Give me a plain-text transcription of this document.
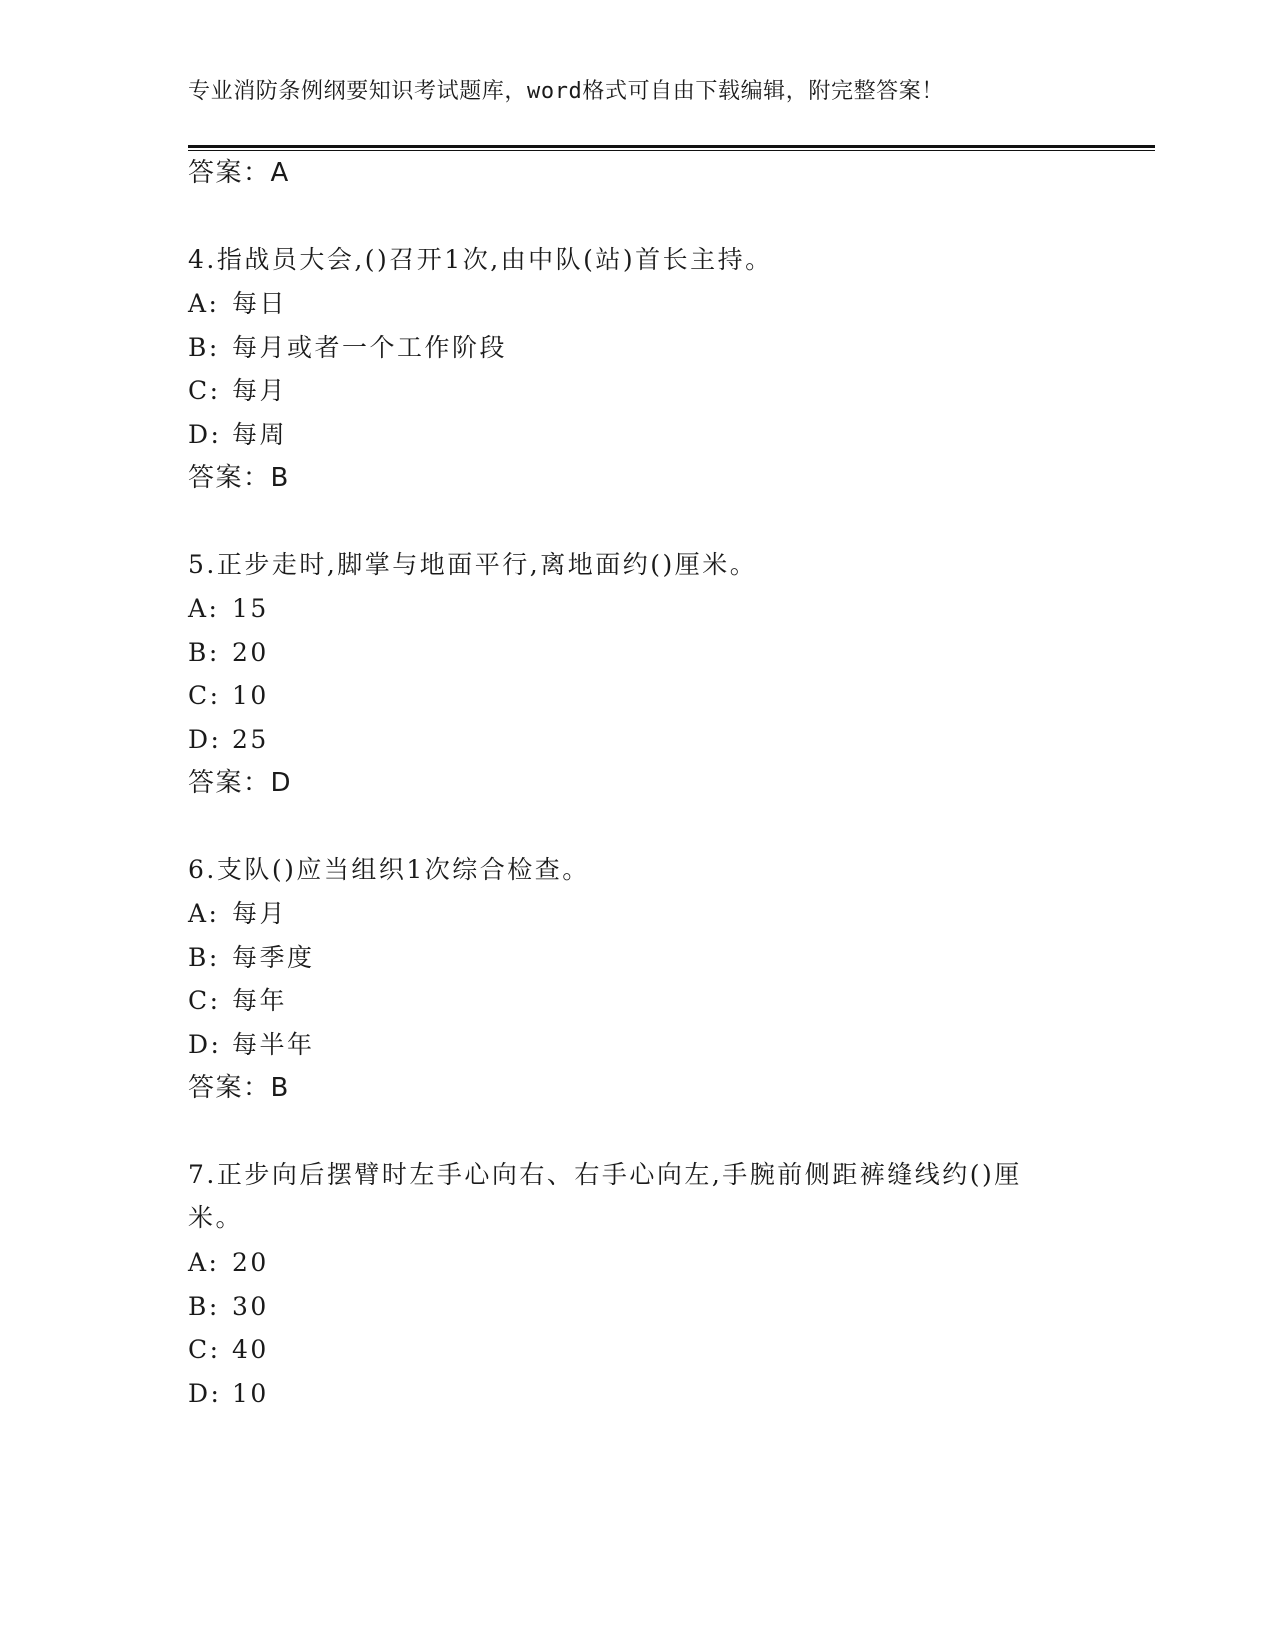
专业消防条例纲要知识考试题库，word格式可自由下载编辑，附完整答案！
答案：A
4.指战员大会,()召开1次,由中队(站)首长主持。
A: 每日
B: 每月或者一个工作阶段
C: 每月
D: 每周
答案：B
5.正步走时,脚掌与地面平行,离地面约()厘米。
A: 15
B: 20
C: 10
D: 25
答案：D
6.支队()应当组织1次综合检查。
A: 每月
B: 每季度
C: 每年
D: 每半年
答案：B
7.正步向后摆臂时左手心向右、右手心向左,手腕前侧距裤缝线约()厘
米。
A: 20
B: 30
C: 40
D: 10
